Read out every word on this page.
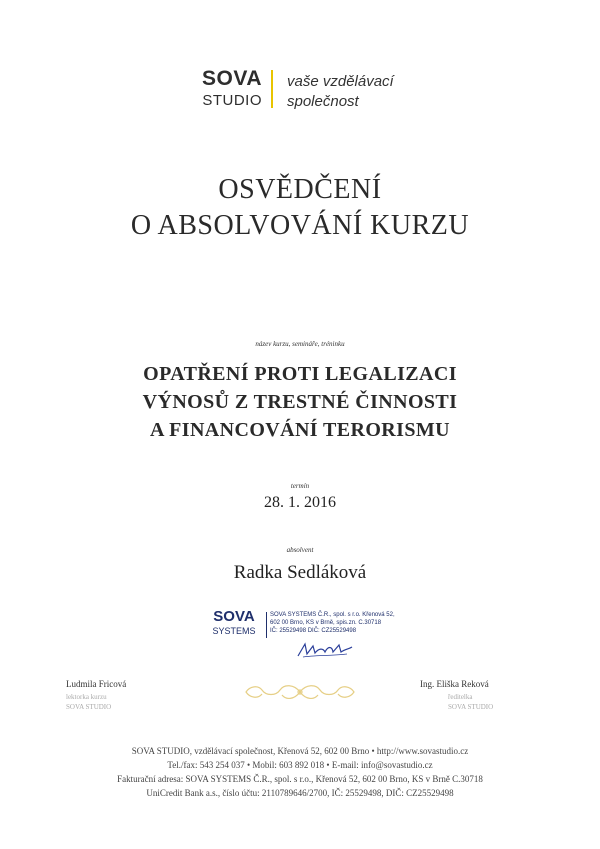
SOVA
STUDIO
vaše vzdělávací
společnost
OSVĚDČENÍ
O ABSOLVOVÁNÍ KURZU
název kurzu, semináře, tréninku
OPATŘENÍ PROTI LEGALIZACI
VÝNOSŮ Z TRESTNÉ ČINNOSTI
A FINANCOVÁNÍ TERORISMU
termín
28. 1. 2016
absolvent
Radka Sedláková
SOVA
SYSTEMS
SOVA SYSTEMS Č.R., spol. s r.o. Křenová 52,
602 00 Brno, KS v Brně, spis.zn. C.30718
IČ: 25529498 DIČ: CZ25529498
Ludmila Fricová
lektorka kurzu
SOVA STUDIO
Ing. Eliška Reková
ředitelka
SOVA STUDIO
SOVA STUDIO, vzdělávací společnost, Křenová 52, 602 00 Brno • http://www.sovastudio.cz
Tel./fax: 543 254 037 • Mobil: 603 892 018 • E-mail: info@sovastudio.cz
Fakturační adresa: SOVA SYSTEMS Č.R., spol. s r.o., Křenová 52, 602 00 Brno, KS v Brně C.30718
UniCredit Bank a.s., číslo účtu: 2110789646/2700, IČ: 25529498, DIČ: CZ25529498
